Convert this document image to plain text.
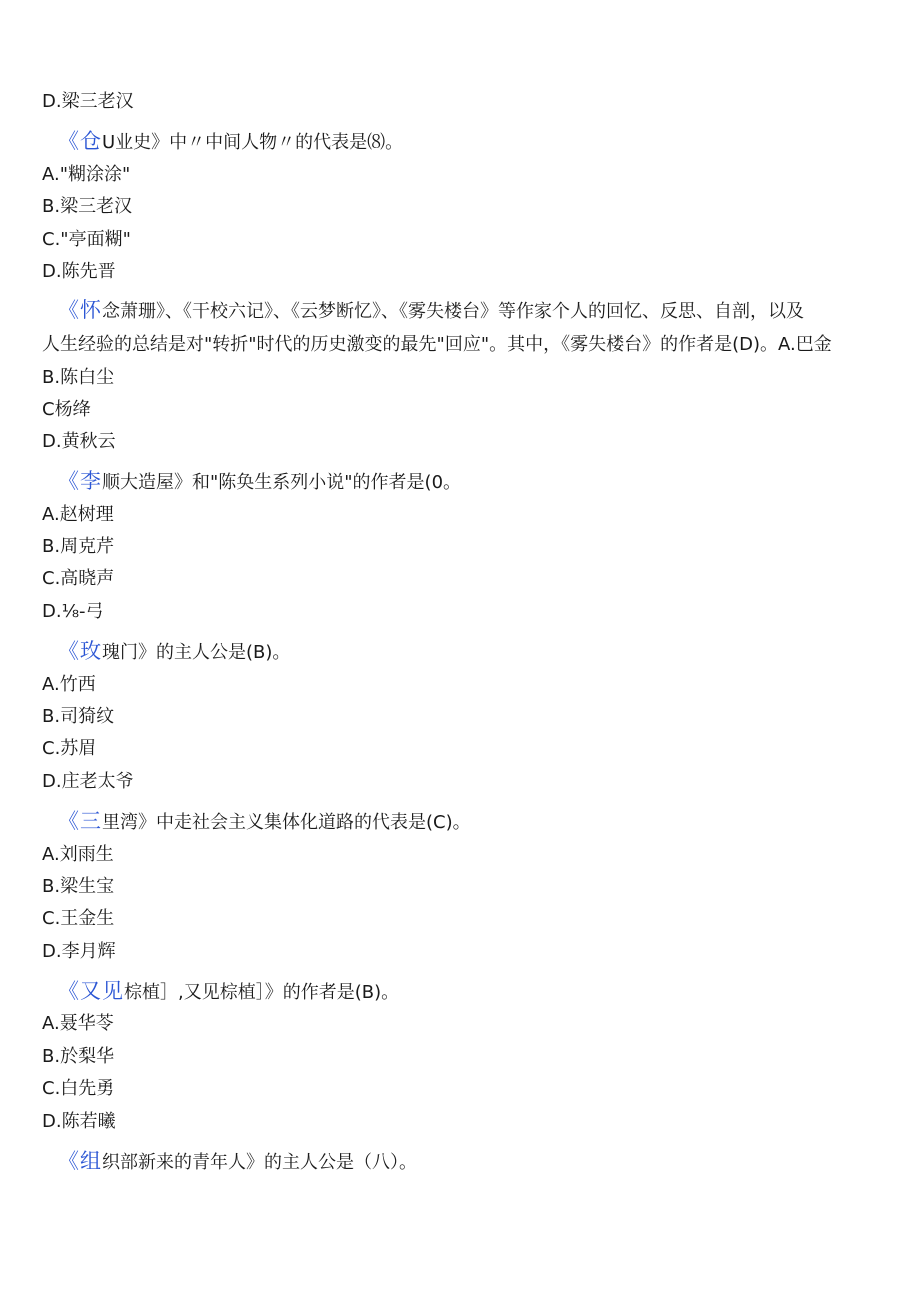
D.梁三老汉
《仓U业史》中〃中间人物〃的代表是⑻。
A."糊涂涂"
B.梁三老汉
C."亭面糊"
D.陈先晋
《怀念萧珊》、《干校六记》、《云梦断忆》、《雾失楼台》等作家个人的回忆、反思、自剖，以及
人生经验的总结是对"转折"时代的历史激变的最先"回应"。其中，《雾失楼台》的作者是(D)。A.巴金
B.陈白尘
C杨绛
D.黄秋云
《李顺大造屋》和"陈奂生系列小说"的作者是(0。
A.赵树理
B.周克芹
C.高晓声
D.⅛-弓
《玫瑰门》的主人公是(B)。
A.竹西
B.司猗纹
C.苏眉
D.庄老太爷
《三里湾》中走社会主义集体化道路的代表是(C)。
A.刘雨生
B.梁生宝
C.王金生
D.李月辉
《又见棕植］,又见棕植］》的作者是(B)。
A.聂华苓
B.於梨华
C.白先勇
D.陈若曦
《组织部新来的青年人》的主人公是（八）。
